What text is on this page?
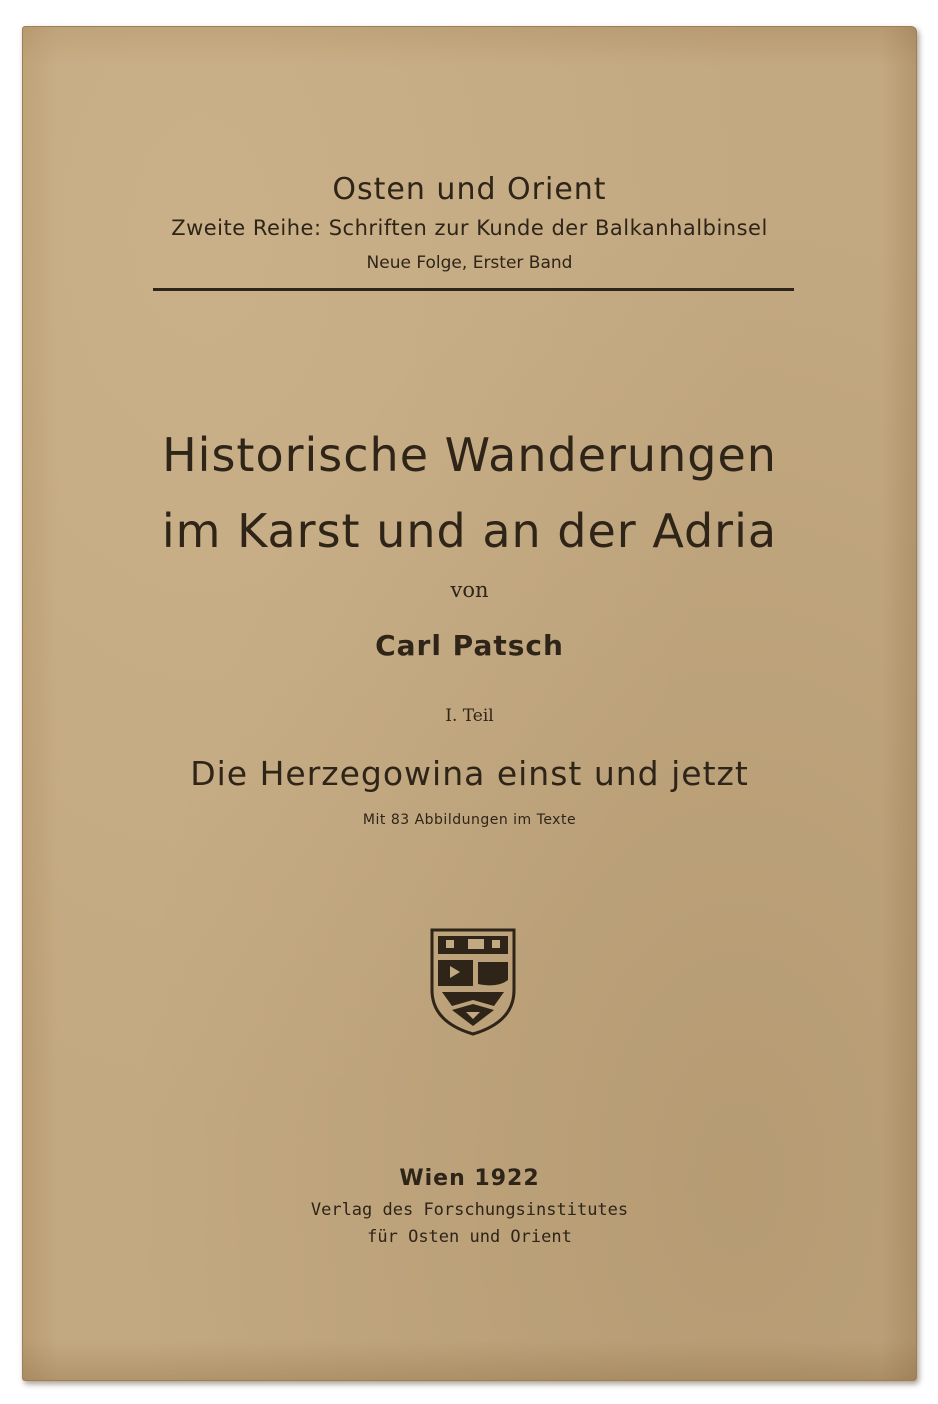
Osten und Orient
Zweite Reihe: Schriften zur Kunde der Balkanhalbinsel
Neue Folge, Erster Band
Historische Wanderungen
im Karst und an der Adria
von
Carl Patsch
I. Teil
Die Herzegowina einst und jetzt
Mit 83 Abbildungen im Texte
Wien 1922
Verlag des Forschungsinstitutes
für Osten und Orient
